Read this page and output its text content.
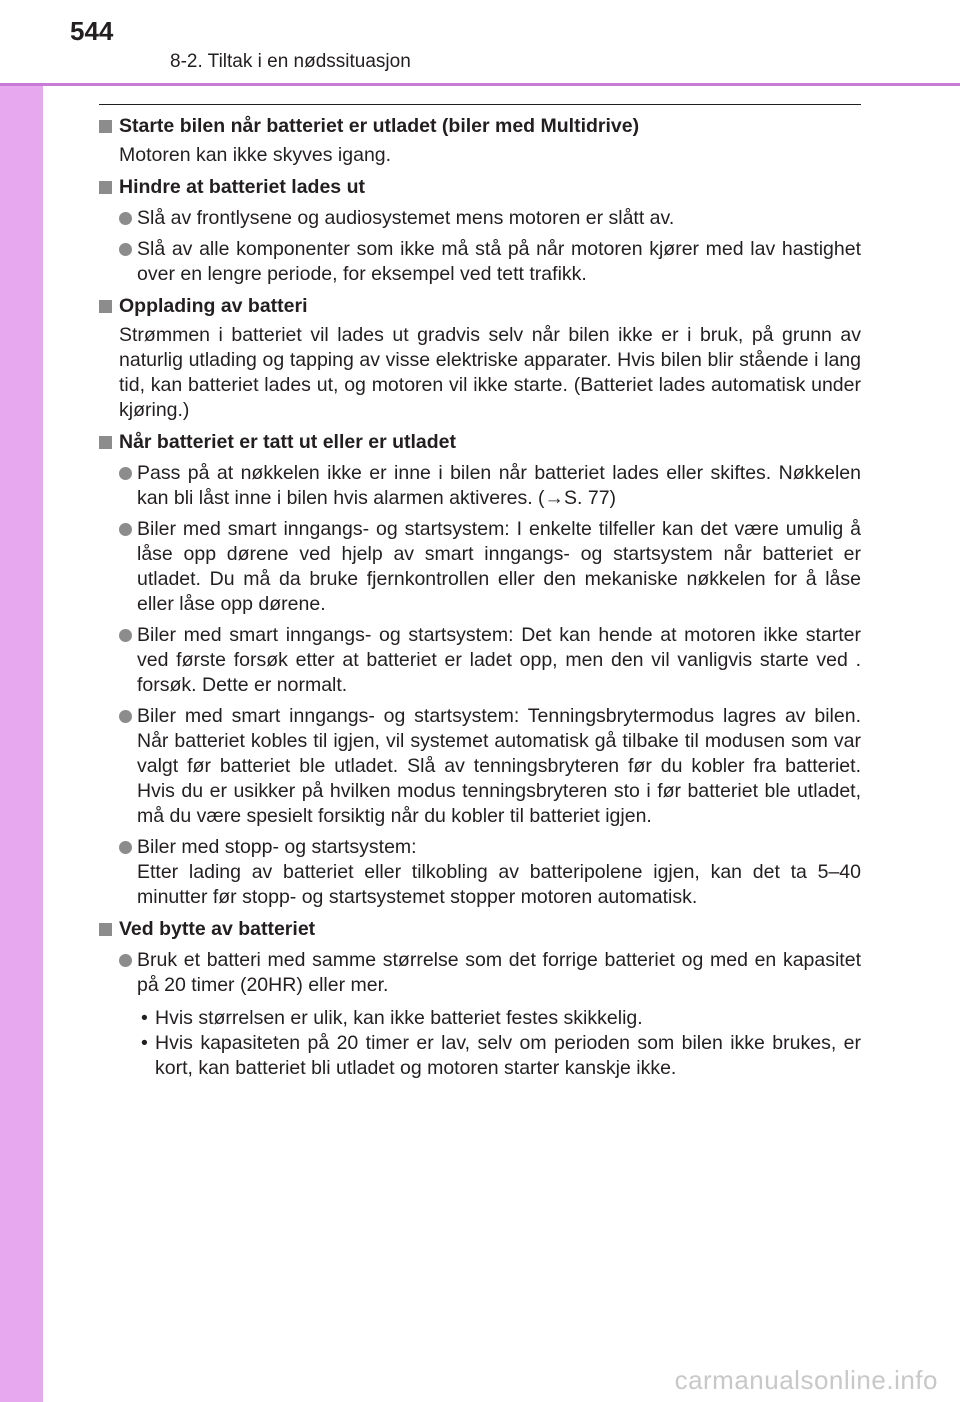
544
8-2. Tiltak i en nødssituasjon
Starte bilen når batteriet er utladet (biler med Multidrive)
Motoren kan ikke skyves igang.
Hindre at batteriet lades ut
Slå av frontlysene og audiosystemet mens motoren er slått av.
Slå av alle komponenter som ikke må stå på når motoren kjører med lav hastighet over en lengre periode, for eksempel ved tett trafikk.
Opplading av batteri
Strømmen i batteriet vil lades ut gradvis selv når bilen ikke er i bruk, på grunn av naturlig utlading og tapping av visse elektriske apparater. Hvis bilen blir stående i lang tid, kan batteriet lades ut, og motoren vil ikke starte. (Batteriet lades automatisk under kjøring.)
Når batteriet er tatt ut eller er utladet
Pass på at nøkkelen ikke er inne i bilen når batteriet lades eller skiftes. Nøkkelen kan bli låst inne i bilen hvis alarmen aktiveres. (→S. 77)
Biler med smart inngangs- og startsystem: I enkelte tilfeller kan det være umulig å låse opp dørene ved hjelp av smart inngangs- og startsystem når batteriet er utladet. Du må da bruke fjernkontrollen eller den mekaniske nøkkelen for å låse eller låse opp dørene.
Biler med smart inngangs- og startsystem: Det kan hende at motoren ikke starter ved første forsøk etter at batteriet er ladet opp, men den vil vanligvis starte ved . forsøk. Dette er normalt.
Biler med smart inngangs- og startsystem: Tenningsbrytermodus lagres av bilen. Når batteriet kobles til igjen, vil systemet automatisk gå tilbake til modusen som var valgt før batteriet ble utladet. Slå av tenningsbryteren før du kobler fra batteriet. Hvis du er usikker på hvilken modus tenningsbryteren sto i før batteriet ble utladet, må du være spesielt forsiktig når du kobler til batteriet igjen.
Biler med stopp- og startsystem:
Etter lading av batteriet eller tilkobling av batteripolene igjen, kan det ta 5–40 minutter før stopp- og startsystemet stopper motoren automatisk.
Ved bytte av batteriet
Bruk et batteri med samme størrelse som det forrige batteriet og med en kapasitet på 20 timer (20HR) eller mer.
• Hvis størrelsen er ulik, kan ikke batteriet festes skikkelig.
• Hvis kapasiteten på 20 timer er lav, selv om perioden som bilen ikke brukes, er kort, kan batteriet bli utladet og motoren starter kanskje ikke.
carmanualsonline.info
